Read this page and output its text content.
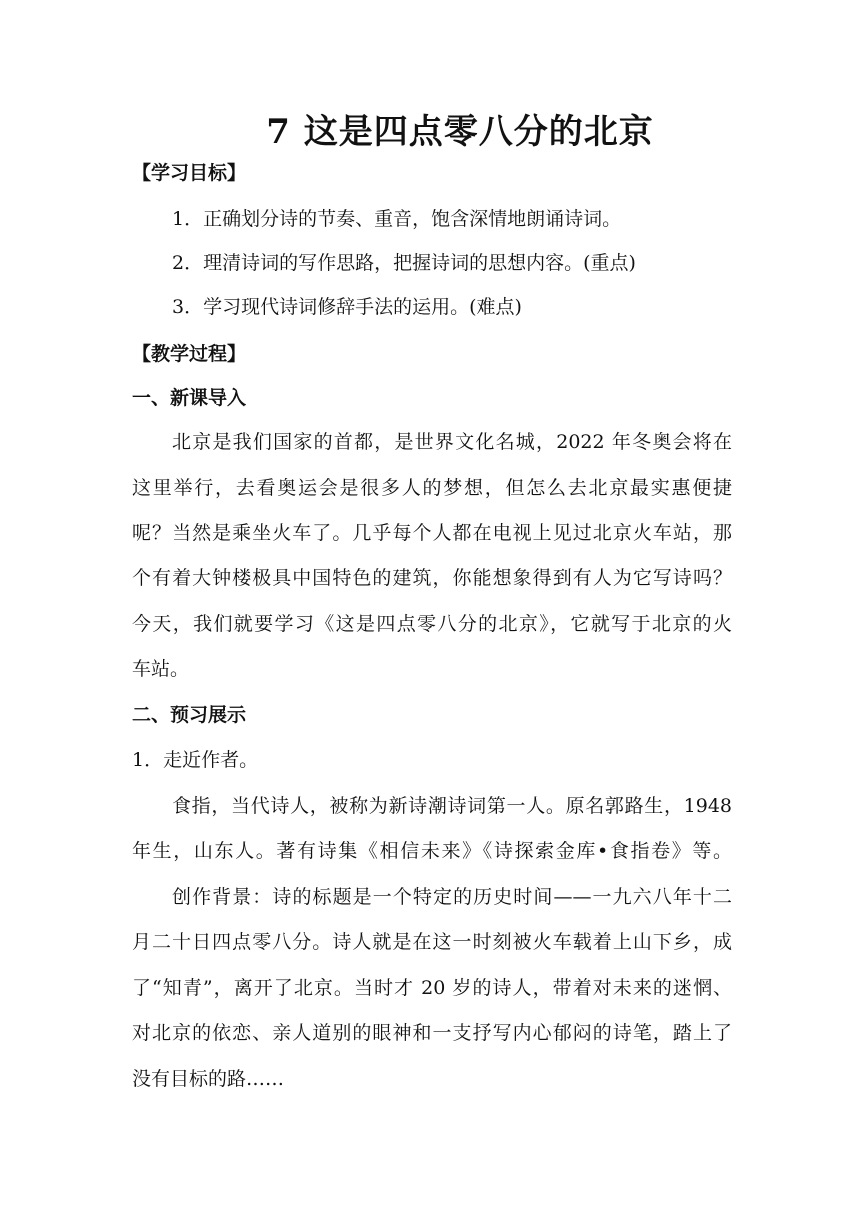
7 这是四点零八分的北京
【学习目标】
1．正确划分诗的节奏、重音，饱含深情地朗诵诗词。
2．理清诗词的写作思路，把握诗词的思想内容。(重点)
3．学习现代诗词修辞手法的运用。(难点)
【教学过程】
一、新课导入
北京是我们国家的首都，是世界文化名城，2022 年冬奥会将在
这里举行，去看奥运会是很多人的梦想，但怎么去北京最实惠便捷
呢？当然是乘坐火车了。几乎每个人都在电视上见过北京火车站，那
个有着大钟楼极具中国特色的建筑，你能想象得到有人为它写诗吗？
今天，我们就要学习《这是四点零八分的北京》，它就写于北京的火
车站。
二、预习展示
1．走近作者。
食指，当代诗人，被称为新诗潮诗词第一人。原名郭路生，1948
年生，山东人。著有诗集《相信未来》《诗探索金库•食指卷》等。
创作背景：诗的标题是一个特定的历史时间——一九六八年十二
月二十日四点零八分。诗人就是在这一时刻被火车载着上山下乡，成
了“知青”，离开了北京。当时才 20 岁的诗人，带着对未来的迷惘、
对北京的依恋、亲人道别的眼神和一支抒写内心郁闷的诗笔，踏上了
没有目标的路……
